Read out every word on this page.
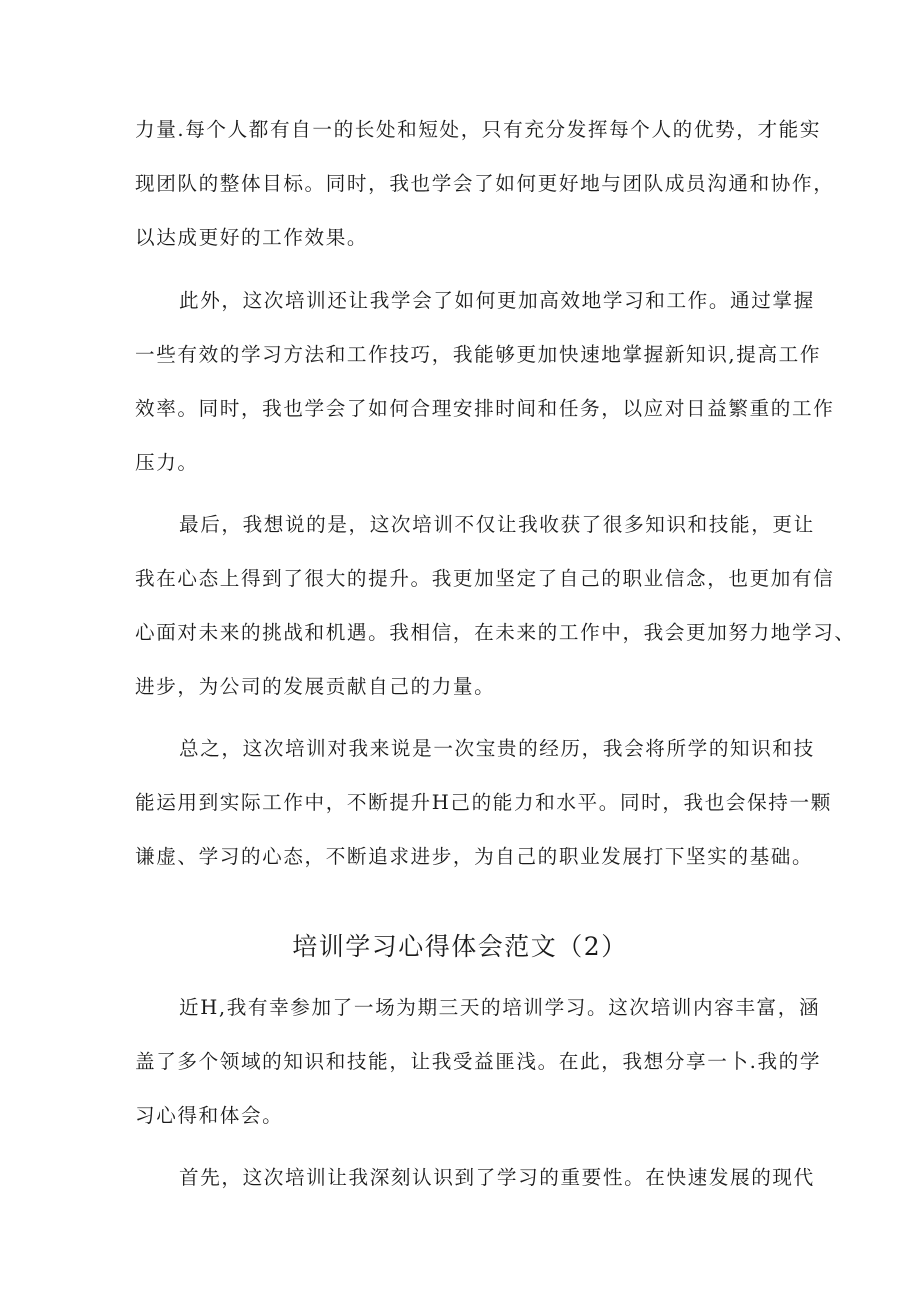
力量.每个人都有自一的长处和短处，只有充分发挥每个人的优势，才能实
现团队的整体目标。同时，我也学会了如何更好地与团队成员沟通和协作，
以达成更好的工作效果。
此外，这次培训还让我学会了如何更加高效地学习和工作。通过掌握
一些有效的学习方法和工作技巧，我能够更加快速地掌握新知识,提高工作
效率。同时，我也学会了如何合理安排时间和任务，以应对日益繁重的工作
压力。
最后，我想说的是，这次培训不仅让我收获了很多知识和技能，更让
我在心态上得到了很大的提升。我更加坚定了自己的职业信念，也更加有信
心面对未来的挑战和机遇。我相信，在未来的工作中，我会更加努力地学习、
进步，为公司的发展贡献自己的力量。
总之，这次培训对我来说是一次宝贵的经历，我会将所学的知识和技
能运用到实际工作中，不断提升H己的能力和水平。同时，我也会保持一颗
谦虚、学习的心态，不断追求进步，为自己的职业发展打下坚实的基础。
培训学习心得体会范文（2）
近H,我有幸参加了一场为期三天的培训学习。这次培训内容丰富，涵
盖了多个领域的知识和技能，让我受益匪浅。在此，我想分享一卜.我的学
习心得和体会。
首先，这次培训让我深刻认识到了学习的重要性。在快速发展的现代
